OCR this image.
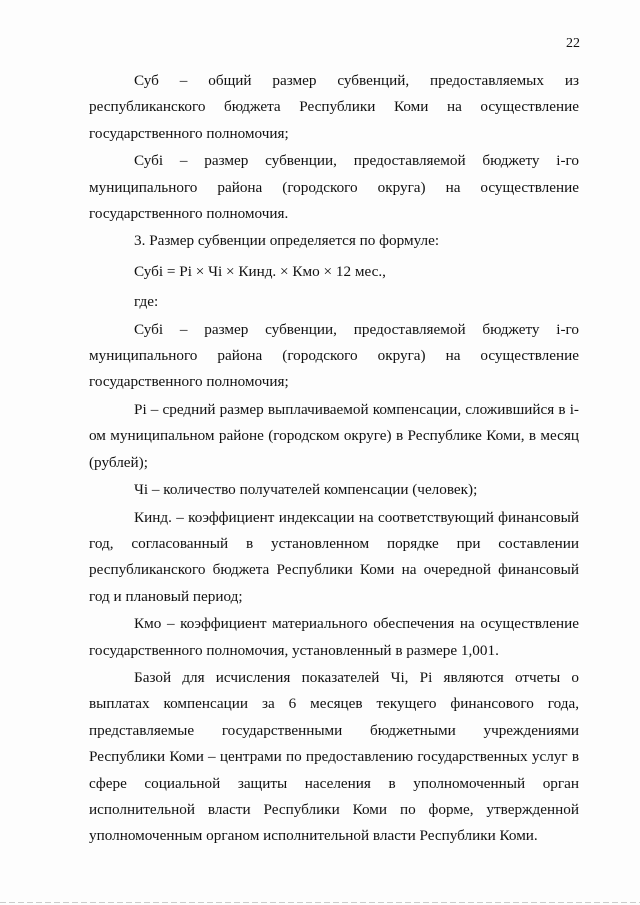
22

Суб – общий размер субвенций, предоставляемых из республиканского бюджета Республики Коми на осуществление государственного полномочия;

Субi – размер субвенции, предоставляемой бюджету i-го муниципального района (городского округа) на осуществление государственного полномочия.

3. Размер субвенции определяется по формуле:

Субi = Рi × Чi × Кинд. × Кмо × 12 мес.,

где:

Субi – размер субвенции, предоставляемой бюджету i-го муниципального района (городского округа) на осуществление государственного полномочия;

Рi – средний размер выплачиваемой компенсации, сложившийся в i-ом муниципальном районе (городском округе) в Республике Коми, в месяц (рублей);

Чi – количество получателей компенсации (человек);

Кинд. – коэффициент индексации на соответствующий финансовый год, согласованный в установленном порядке при составлении республиканского бюджета Республики Коми на очередной финансовый год и плановый период;

Кмо – коэффициент материального обеспечения на осуществление государственного полномочия, установленный в размере 1,001.

Базой для исчисления показателей Чi, Рi являются отчеты о выплатах компенсации за 6 месяцев текущего финансового года, представляемые государственными бюджетными учреждениями Республики Коми – центрами по предоставлению государственных услуг в сфере социальной защиты населения в уполномоченный орган исполнительной власти Республики Коми по форме, утвержденной уполномоченным органом исполнительной власти Республики Коми.
